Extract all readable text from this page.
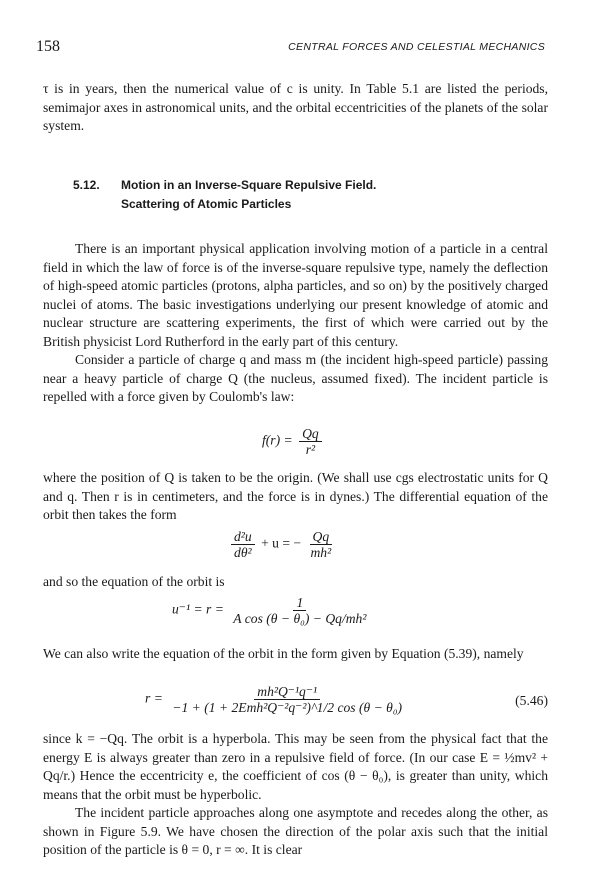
158	CENTRAL FORCES AND CELESTIAL MECHANICS

τ is in years, then the numerical value of c is unity. In Table 5.1 are listed the periods, semimajor axes in astronomical units, and the orbital eccentricities of the planets of the solar system.

5.12. Motion in an Inverse-Square Repulsive Field.
Scattering of Atomic Particles

There is an important physical application involving motion of a particle in a central field in which the law of force is of the inverse-square repulsive type, namely the deflection of high-speed atomic particles (protons, alpha particles, and so on) by the positively charged nuclei of atoms. The basic investigations underlying our present knowledge of atomic and nuclear structure are scattering experiments, the first of which were carried out by the British physicist Lord Rutherford in the early part of this century.

Consider a particle of charge q and mass m (the incident high-speed particle) passing near a heavy particle of charge Q (the nucleus, assumed fixed). The incident particle is repelled with a force given by Coulomb's law:

$f(r) = \frac{Qq}{\text{r²}}$

where the position of Q is taken to be the origin. (We shall use cgs electrostatic units for Q and q. Then r is in centimeters, and the force is in dynes.) The differential equation of the orbit then takes the form

$\frac{\text{d²u}}{\text{dθ²}} + u$ = − $\frac{Qq}{\text{mh²}}$

and so the equation of the orbit is

$u^{-1} = r = \frac{1}{\text{A cos (θ − θ₀) − Qq/mh²}}$

We can also write the equation of the orbit in the form given by Equation (5.39), namely

$r = \frac{\text{mh²Q⁻¹q⁻¹}}{\text{−1 + (1 + 2Emh²Q⁻²q⁻²)\textasciicircum{}1/2 cos (θ − θ₀)}}$	(5.46)

since k = −Qq. The orbit is a hyperbola. This may be seen from the physical fact that the energy E is always greater than zero in a repulsive field of force. (In our case E = ½mv² + Qq/r.) Hence the eccentricity e, the coefficient of cos (θ − θ₀), is greater than unity, which means that the orbit must be hyperbolic.

The incident particle approaches along one asymptote and recedes along the other, as shown in Figure 5.9. We have chosen the direction of the polar axis such that the initial position of the particle is θ = 0, r = ∞. It is clear
